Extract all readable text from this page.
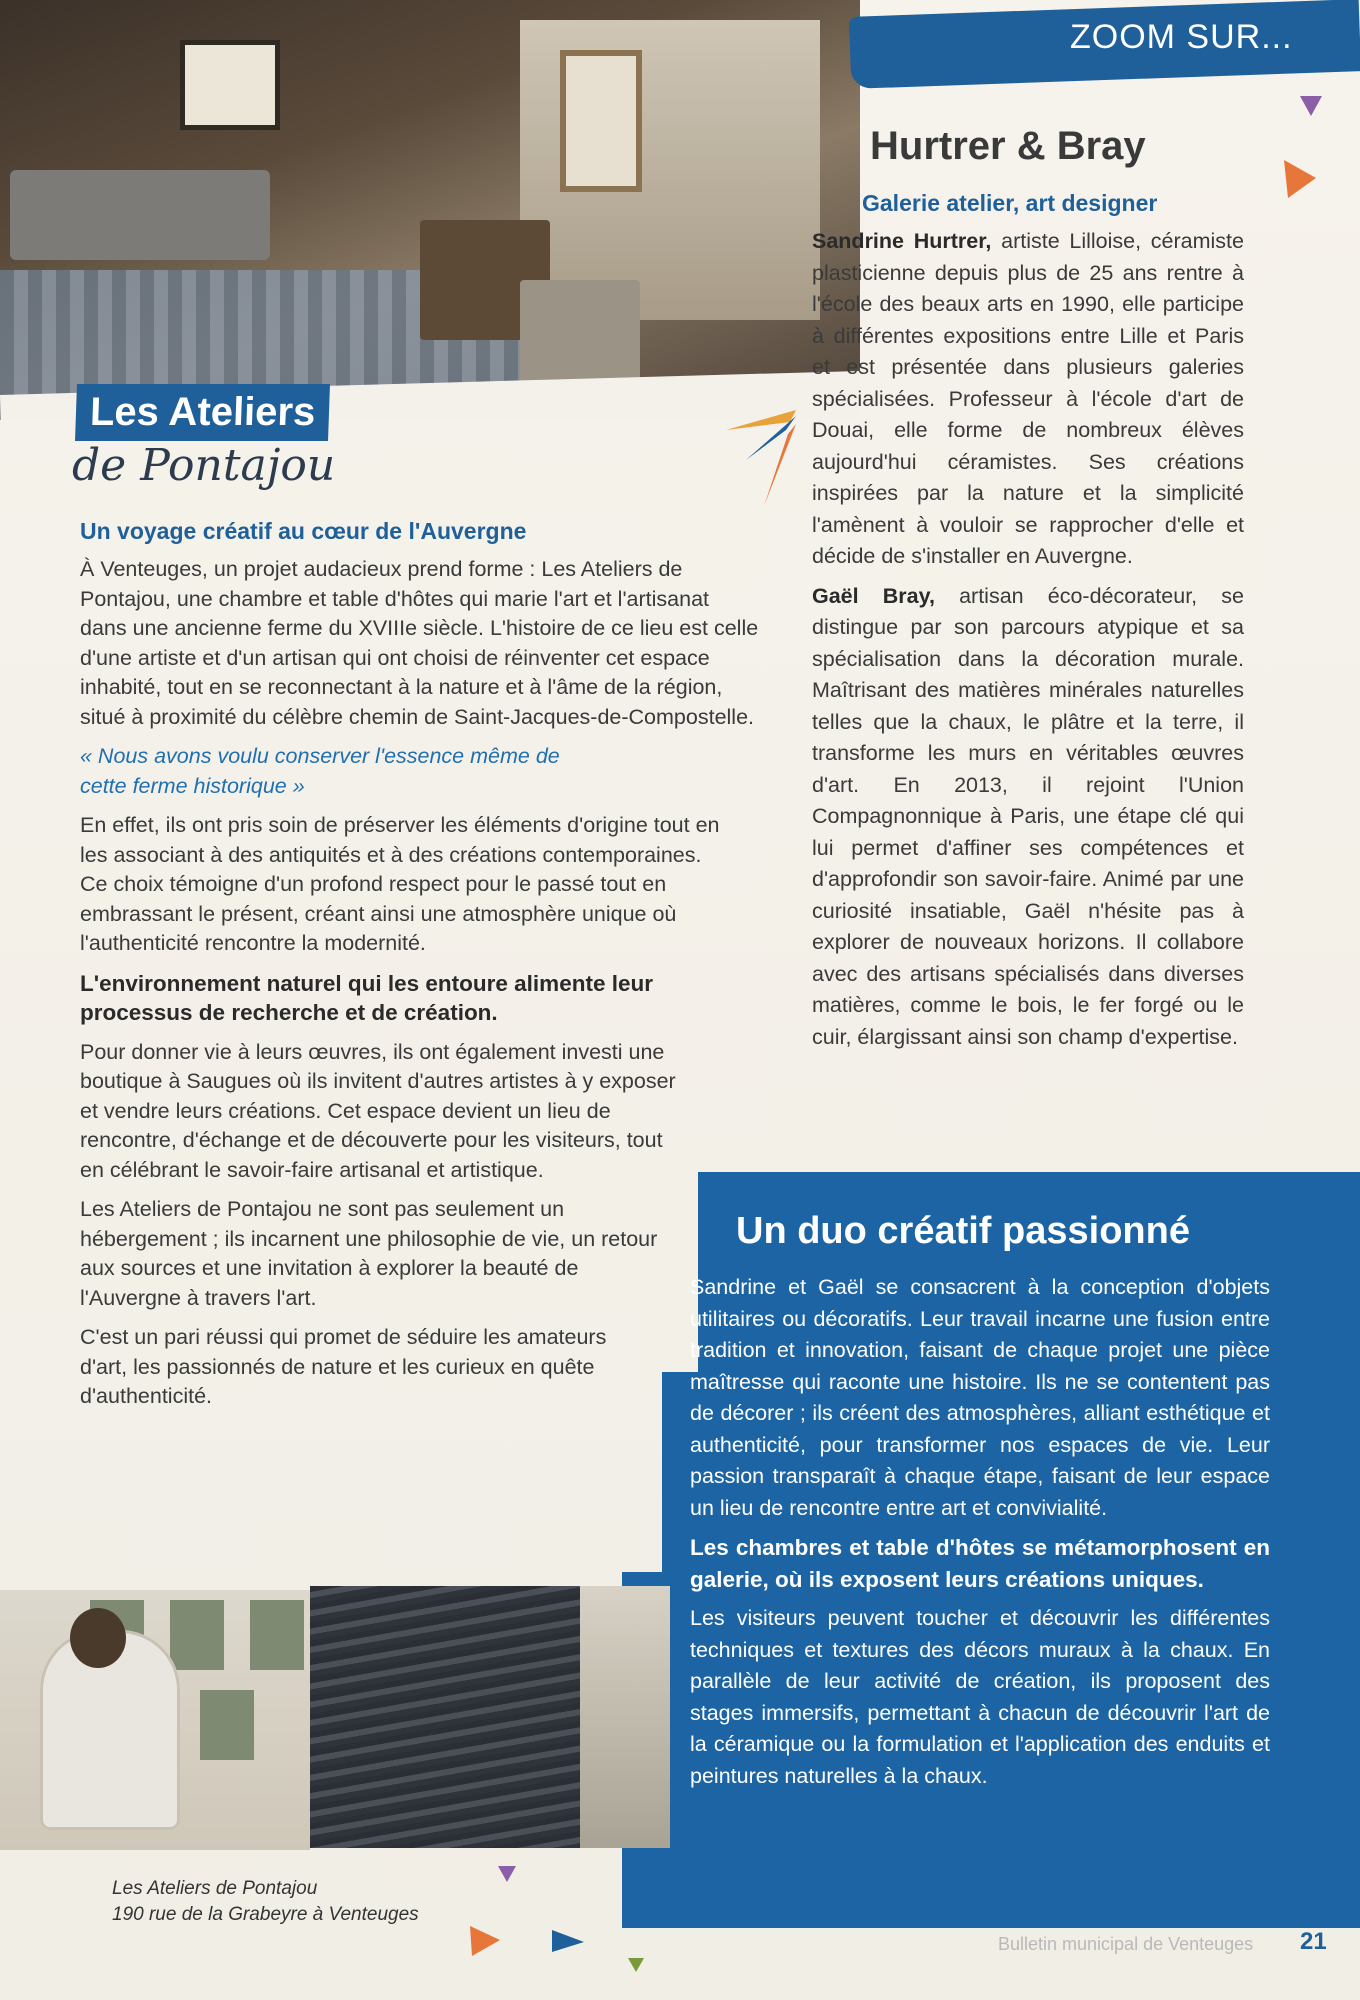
ZOOM SUR...
Les Ateliers
de Pontajou
Un voyage créatif au cœur de l'Auvergne

À Venteuges, un projet audacieux prend forme : Les Ateliers de Pontajou, une chambre et table d'hôtes qui marie l'art et l'artisanat dans une ancienne ferme du XVIIIe siècle. L'histoire de ce lieu est celle d'une artiste et d'un artisan qui ont choisi de réinventer cet espace inhabité, tout en se reconnectant à la nature et à l'âme de la région, situé à proximité du célèbre chemin de Saint-Jacques-de-Compostelle.

« Nous avons voulu conserver l'essence même de cette ferme historique »

En effet, ils ont pris soin de préserver les éléments d'origine tout en les associant à des antiquités et à des créations contemporaines. Ce choix témoigne d'un profond respect pour le passé tout en embrassant le présent, créant ainsi une atmosphère unique où l'authenticité rencontre la modernité.

L'environnement naturel qui les entoure alimente leur processus de recherche et de création.

Pour donner vie à leurs œuvres, ils ont également investi une boutique à Saugues où ils invitent d'autres artistes à y exposer et vendre leurs créations. Cet espace devient un lieu de rencontre, d'échange et de découverte pour les visiteurs, tout en célébrant le savoir-faire artisanal et artistique.

Les Ateliers de Pontajou ne sont pas seulement un hébergement ; ils incarnent une philosophie de vie, un retour aux sources et une invitation à explorer la beauté de l'Auvergne à travers l'art.

C'est un pari réussi qui promet de séduire les amateurs d'art, les passionnés de nature et les curieux en quête d'authenticité.

Hurtrer & Bray
Galerie atelier, art designer

Sandrine Hurtrer, artiste Lilloise, céramiste plasticienne depuis plus de 25 ans rentre à l'école des beaux arts en 1990, elle participe à différentes expositions entre Lille et Paris et est présentée dans plusieurs galeries spécialisées. Professeur à l'école d'art de Douai, elle forme de nombreux élèves aujourd'hui céramistes. Ses créations inspirées par la nature et la simplicité l'amènent à vouloir se rapprocher d'elle et décide de s'installer en Auvergne.

Gaël Bray, artisan éco-décorateur, se distingue par son parcours atypique et sa spécialisation dans la décoration murale. Maîtrisant des matières minérales naturelles telles que la chaux, le plâtre et la terre, il transforme les murs en véritables œuvres d'art. En 2013, il rejoint l'Union Compagnonnique à Paris, une étape clé qui lui permet d'affiner ses compétences et d'approfondir son savoir-faire. Animé par une curiosité insatiable, Gaël n'hésite pas à explorer de nouveaux horizons. Il collabore avec des artisans spécialisés dans diverses matières, comme le bois, le fer forgé ou le cuir, élargissant ainsi son champ d'expertise.

Un duo créatif passionné

Sandrine et Gaël se consacrent à la conception d'objets utilitaires ou décoratifs. Leur travail incarne une fusion entre tradition et innovation, faisant de chaque projet une pièce maîtresse qui raconte une histoire. Ils ne se contentent pas de décorer ; ils créent des atmosphères, alliant esthétique et authenticité, pour transformer nos espaces de vie. Leur passion transparaît à chaque étape, faisant de leur espace un lieu de rencontre entre art et convivialité.

Les chambres et table d'hôtes se métamorphosent en galerie, où ils exposent leurs créations uniques.

Les visiteurs peuvent toucher et découvrir les différentes techniques et textures des décors muraux à la chaux. En parallèle de leur activité de création, ils proposent des stages immersifs, permettant à chacun de découvrir l'art de la céramique ou la formulation et l'application des enduits et peintures naturelles à la chaux.

Les Ateliers de Pontajou
190 rue de la Grabeyre à Venteuges
Bulletin municipal de Venteuges 21
